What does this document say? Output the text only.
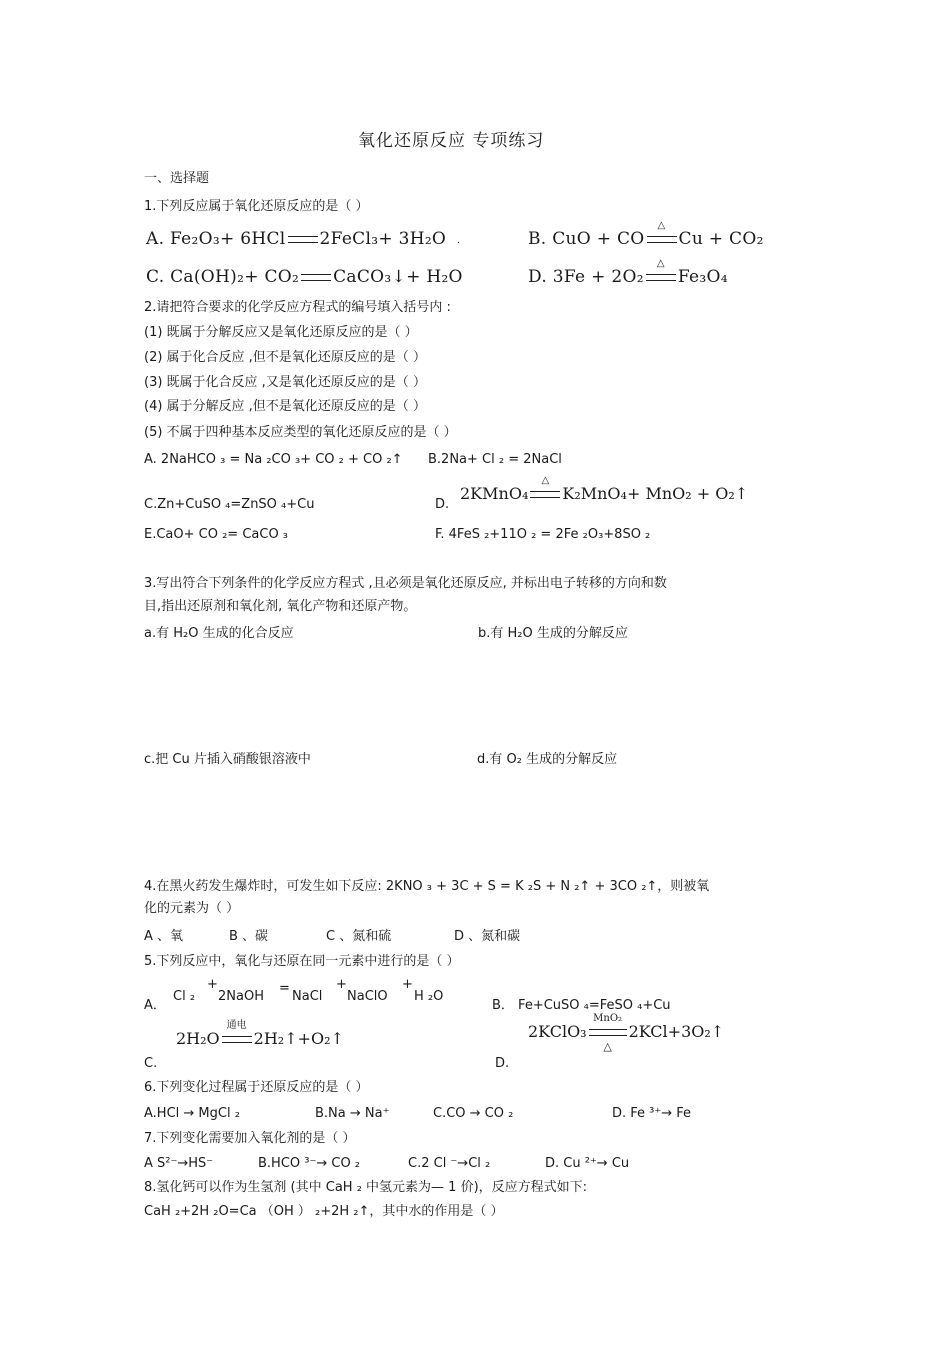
氧化还原反应 专项练习
一、选择题
1.下列反应属于氧化还原反应的是（ ）
A. Fe₂O₃+ 6HCl 2FeCl₃+ 3H₂O ·	B. CuO + CO
△
Cu + CO₂
C. Ca(OH)₂+ CO₂ CaCO₃↓+ H₂O	D. 3Fe + 2O₂
△
Fe₃O₄
2.请把符合要求的化学反应方程式的编号填入括号内 :
(1) 既属于分解反应又是氧化还原反应的是（ ）
(2) 属于化合反应 ,但不是氧化还原反应的是（ ）
(3) 既属于化合反应 ,又是氧化还原反应的是（ ）
(4) 属于分解反应 ,但不是氧化还原反应的是（ ）
(5) 不属于四种基本反应类型的氧化还原反应的是（ ）
A. 2NaHCO ₃ = Na ₂CO ₃+ CO ₂ + CO ₂↑ B.2Na+ Cl ₂ = 2NaCl
C.Zn+CuSO ₄=ZnSO ₄+Cu	D.
2KMnO₄
△
K₂MnO₄+ MnO₂ + O₂↑
E.CaO+ CO ₂= CaCO ₃	F. 4FeS ₂+11O ₂ = 2Fe ₂O₃+8SO ₂
3.写出符合下列条件的化学反应方程式 ,且必须是氧化还原反应, 并标出电子转移的方向和数
目,指出还原剂和氧化剂, 氧化产物和还原产物。
a.有 H₂O 生成的化合反应	b.有 H₂O 生成的分解反应
c.把 Cu 片插入硝酸银溶液中	d.有 O₂ 生成的分解反应
4.在黑火药发生爆炸时，可发生如下反应: 2KNO ₃ + 3C + S = K ₂S + N ₂↑ + 3CO ₂↑，则被氧
化的元素为（ ）
A 、氧	B 、碳	C 、氮和硫	D 、氮和碳
5.下列反应中，氧化与还原在同一元素中进行的是（ ）
A．
Cl ₂
+
2NaOH
=
NaCl
+
NaClO
+
H ₂O
B． Fe+CuSO ₄=FeSO ₄+Cu
2H₂O
通电
2H₂↑+O₂↑
C.
2KClO₃
MnO₂
△
2KCl+3O₂↑
D.
6.下列变化过程属于还原反应的是（ ）
A.HCl → MgCl ₂	B.Na → Na⁺	C.CO → CO ₂	D. Fe ³⁺→ Fe
7.下列变化需要加入氧化剂的是（ ）
A S²⁻→HS⁻	B.HCO ³⁻→ CO ₂	C.2 Cl ⁻→Cl ₂	D. Cu ²⁺→ Cu
8.氢化钙可以作为生氢剂 (其中 CaH ₂ 中氢元素为— 1 价)，反应方程式如下:
CaH ₂+2H ₂O=Ca （OH ） ₂+2H ₂↑，其中水的作用是（ ）
